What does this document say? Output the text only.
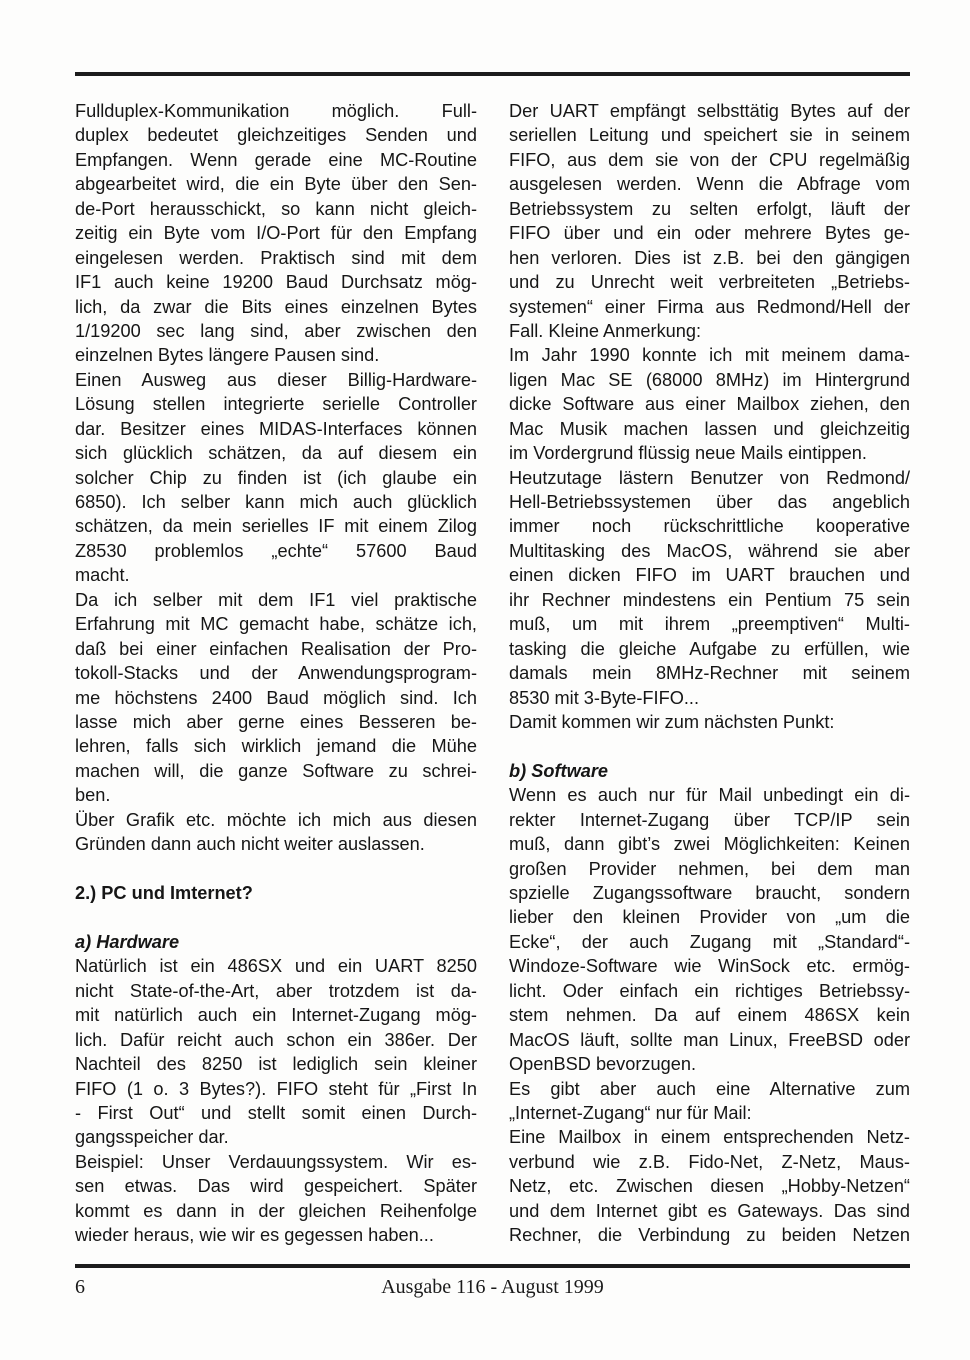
Fullduplex-Kommunikation möglich. Full-
duplex bedeutet gleichzeitiges Senden und
Empfangen. Wenn gerade eine MC-Routine
abgearbeitet wird, die ein Byte über den Sen-
de-Port herausschickt, so kann nicht gleich-
zeitig ein Byte vom I/O-Port für den Empfang
eingelesen werden. Praktisch sind mit dem
IF1 auch keine 19200 Baud Durchsatz mög-
lich, da zwar die Bits eines einzelnen Bytes
1/19200 sec lang sind, aber zwischen den
einzelnen Bytes längere Pausen sind.
Einen Ausweg aus dieser Billig-Hardware-
Lösung stellen integrierte serielle Controller
dar. Besitzer eines MIDAS-Interfaces können
sich glücklich schätzen, da auf diesem ein
solcher Chip zu finden ist (ich glaube ein
6850). Ich selber kann mich auch glücklich
schätzen, da mein serielles IF mit einem Zilog
Z8530 problemlos „echte“ 57600 Baud
macht.
Da ich selber mit dem IF1 viel praktische
Erfahrung mit MC gemacht habe, schätze ich,
daß bei einer einfachen Realisation der Pro-
tokoll-Stacks und der Anwendungsprogram-
me höchstens 2400 Baud möglich sind. Ich
lasse mich aber gerne eines Besseren be-
lehren, falls sich wirklich jemand die Mühe
machen will, die ganze Software zu schrei-
ben.
Über Grafik etc. möchte ich mich aus diesen
Gründen dann auch nicht weiter auslassen.
2.) PC und Imternet?
a) Hardware
Natürlich ist ein 486SX und ein UART 8250
nicht State-of-the-Art, aber trotzdem ist da-
mit natürlich auch ein Internet-Zugang mög-
lich. Dafür reicht auch schon ein 386er. Der
Nachteil des 8250 ist lediglich sein kleiner
FIFO (1 o. 3 Bytes?). FIFO steht für „First In
- First Out“ und stellt somit einen Durch-
gangsspeicher dar.
Beispiel: Unser Verdauungssystem. Wir es-
sen etwas. Das wird gespeichert. Später
kommt es dann in der gleichen Reihenfolge
wieder heraus, wie wir es gegessen haben...
Der UART empfängt selbsttätig Bytes auf der
seriellen Leitung und speichert sie in seinem
FIFO, aus dem sie von der CPU regelmäßig
ausgelesen werden. Wenn die Abfrage vom
Betriebssystem zu selten erfolgt, läuft der
FIFO über und ein oder mehrere Bytes ge-
hen verloren. Dies ist z.B. bei den gängigen
und zu Unrecht weit verbreiteten „Betriebs-
systemen“ einer Firma aus Redmond/Hell der
Fall. Kleine Anmerkung:
Im Jahr 1990 konnte ich mit meinem dama-
ligen Mac SE (68000 8MHz) im Hintergrund
dicke Software aus einer Mailbox ziehen, den
Mac Musik machen lassen und gleichzeitig
im Vordergrund flüssig neue Mails eintippen.
Heutzutage lästern Benutzer von Redmond/
Hell-Betriebssystemen über das angeblich
immer noch rückschrittliche kooperative
Multitasking des MacOS, während sie aber
einen dicken FIFO im UART brauchen und
ihr Rechner mindestens ein Pentium 75 sein
muß, um mit ihrem „preemptiven“ Multi-
tasking die gleiche Aufgabe zu erfüllen, wie
damals mein 8MHz-Rechner mit seinem
8530 mit 3-Byte-FIFO...
Damit kommen wir zum nächsten Punkt:
b) Software
Wenn es auch nur für Mail unbedingt ein di-
rekter Internet-Zugang über TCP/IP sein
muß, dann gibt’s zwei Möglichkeiten: Keinen
großen Provider nehmen, bei dem man
spzielle Zugangssoftware braucht, sondern
lieber den kleinen Provider von „um die
Ecke“, der auch Zugang mit „Standard“-
Windoze-Software wie WinSock etc. ermög-
licht. Oder einfach ein richtiges Betriebssy-
stem nehmen. Da auf einem 486SX kein
MacOS läuft, sollte man Linux, FreeBSD oder
OpenBSD bevorzugen.
Es gibt aber auch eine Alternative zum
„Internet-Zugang“ nur für Mail:
Eine Mailbox in einem entsprechenden Netz-
verbund wie z.B. Fido-Net, Z-Netz, Maus-
Netz, etc. Zwischen diesen „Hobby-Netzen“
und dem Internet gibt es Gateways. Das sind
Rechner, die Verbindung zu beiden Netzen
6	Ausgabe 116 - August 1999
